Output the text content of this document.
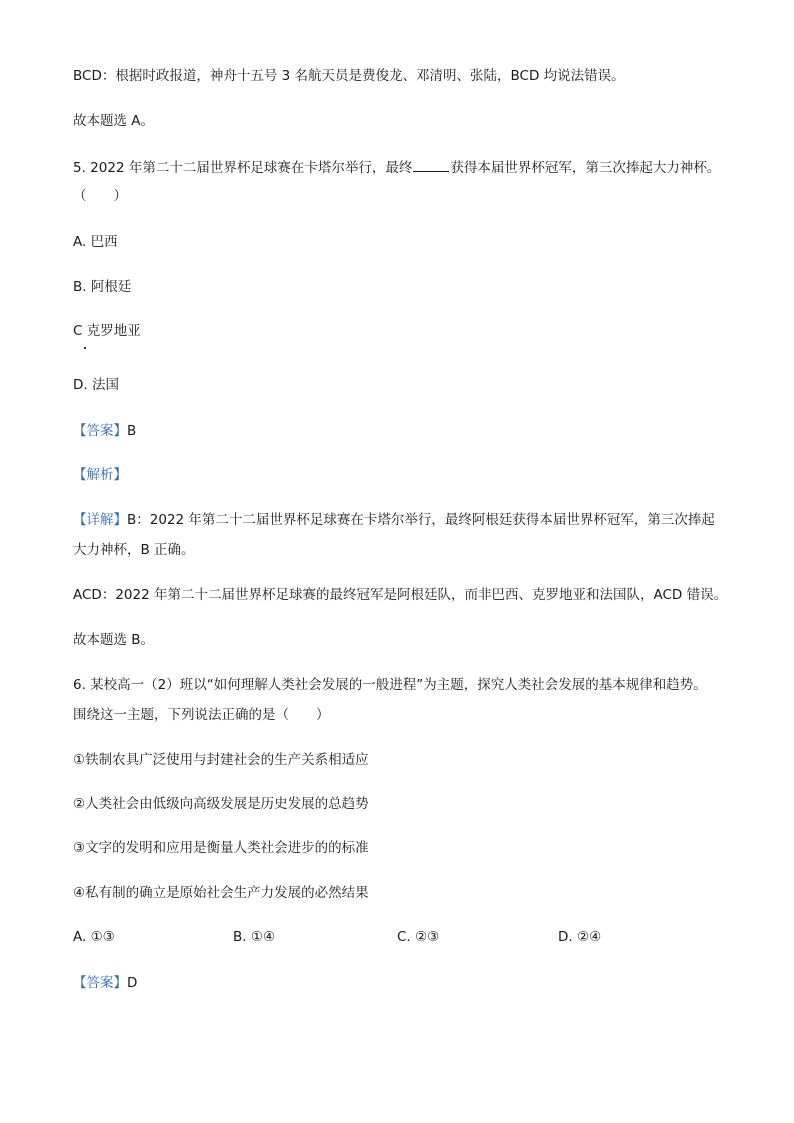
BCD：根据时政报道，神舟十五号 3 名航天员是费俊龙、邓清明、张陆，BCD 均说法错误。
故本题选 A。
5. 2022 年第二十二届世界杯足球赛在卡塔尔举行，最终	获得本届世界杯冠军，第三次捧起大力神杯。
（　　）
A. 巴西
B. 阿根廷
C 克罗地亚
D. 法国
【答案】B
【解析】
【详解】B：2022 年第二十二届世界杯足球赛在卡塔尔举行，最终阿根廷获得本届世界杯冠军，第三次捧起
大力神杯，B 正确。
ACD：2022 年第二十二届世界杯足球赛的最终冠军是阿根廷队，而非巴西、克罗地亚和法国队，ACD 错误。
故本题选 B。
6. 某校高一（2）班以“如何理解人类社会发展的一般进程”为主题，探究人类社会发展的基本规律和趋势。
围绕这一主题，下列说法正确的是（　　）
①铁制农具广泛使用与封建社会的生产关系相适应
②人类社会由低级向高级发展是历史发展的总趋势
③文字的发明和应用是衡量人类社会进步的的标准
④私有制的确立是原始社会生产力发展的必然结果
A. ①③	B. ①④	C. ②③	D. ②④
【答案】D
